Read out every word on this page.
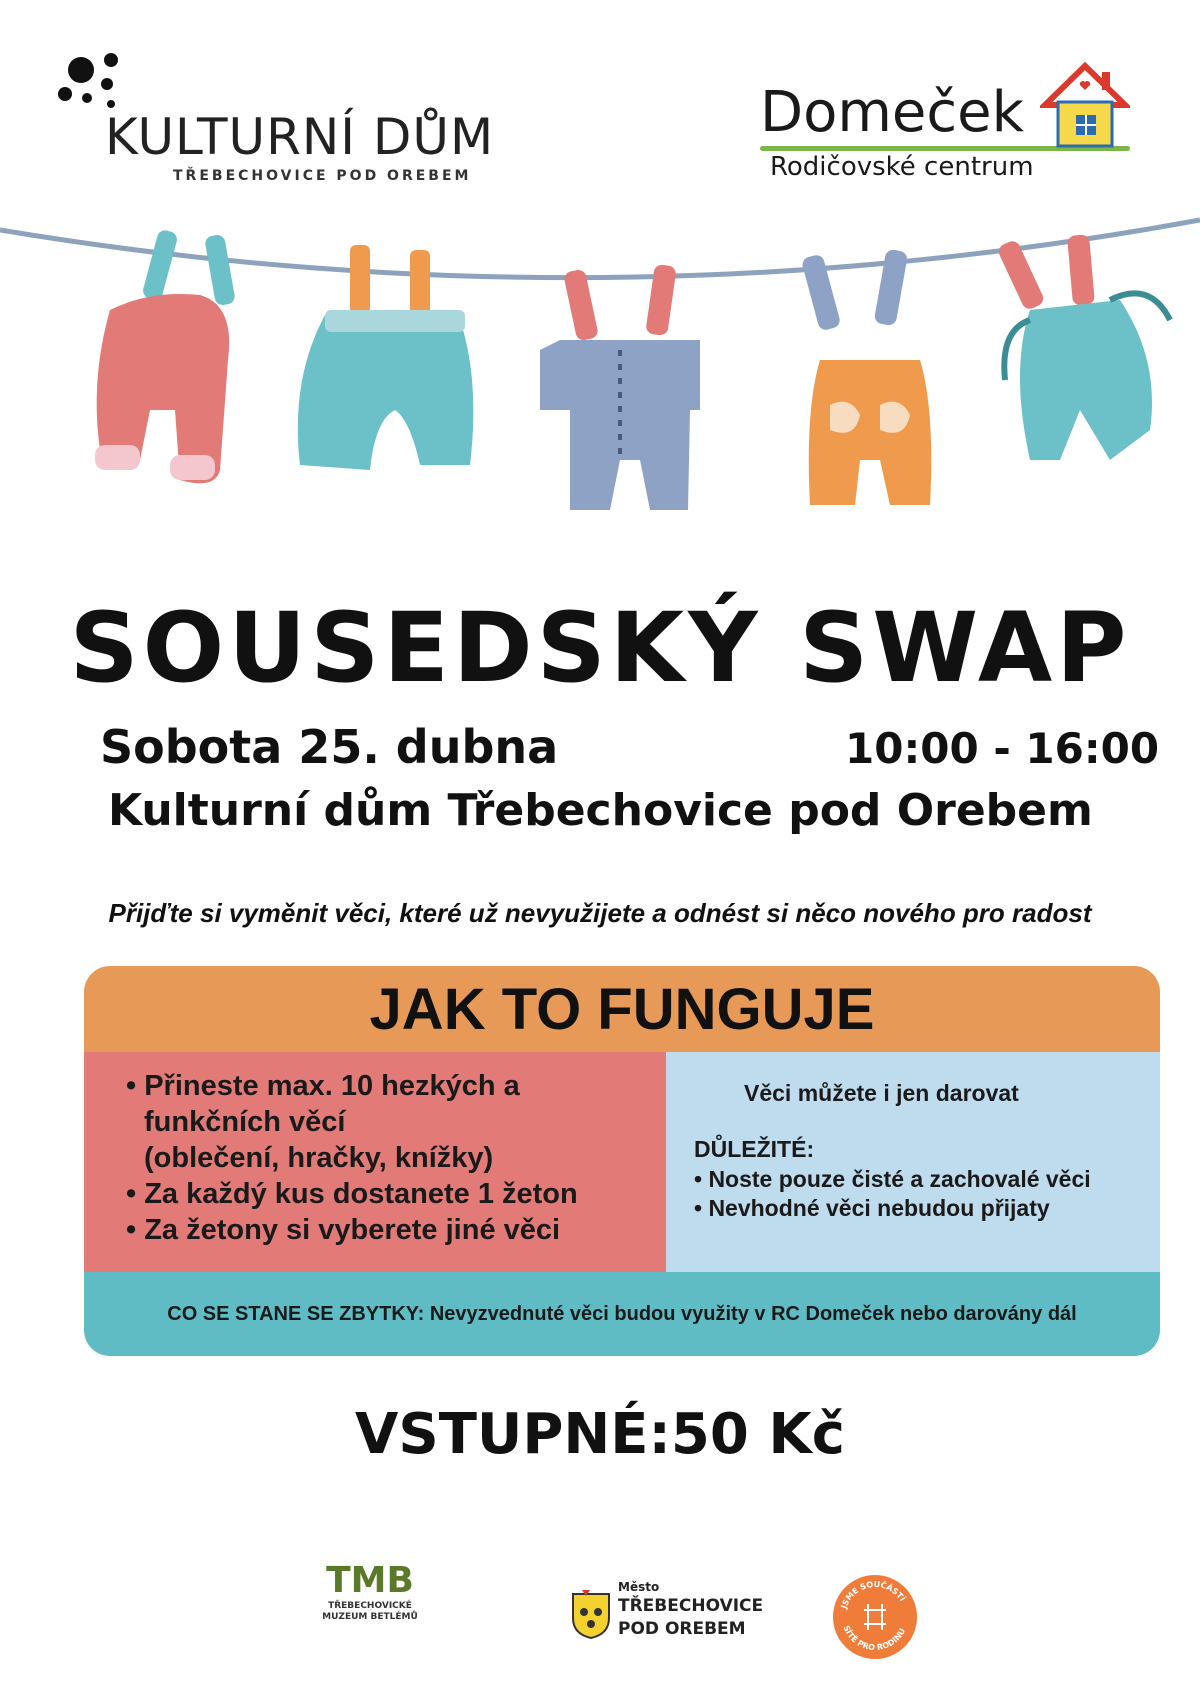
KULTURNÍ DŮM
TŘEBECHOVICE POD OREBEM
Domeček
Rodičovské centrum
SOUSEDSKÝ SWAP
Sobota 25. dubna	10:00 - 16:00
Kulturní dům Třebechovice pod Orebem
Přijďte si vyměnit věci, které už nevyužijete a odnést si něco nového pro radost
JAK TO FUNGUJE
• Přineste max. 10 hezkých a
funkčních věcí
(oblečení, hračky, knížky)
• Za každý kus dostanete 1 žeton
• Za žetony si vyberete jiné věci
Věci můžete i jen darovat
DŮLEŽITÉ:
• Noste pouze čisté a zachovalé věci
• Nevhodné věci nebudou přijaty
CO SE STANE SE ZBYTKY: Nevyzvednuté věci budou využity v RC Domeček nebo darovány dál
VSTUPNÉ:50 Kč
TMB
TŘEBECHOVICKÉ MUZEUM BETLÉMŮ
Město
TŘEBECHOVICE
POD OREBEM
JSME SOUČÁSTÍ
SÍTĚ PRO RODINU
